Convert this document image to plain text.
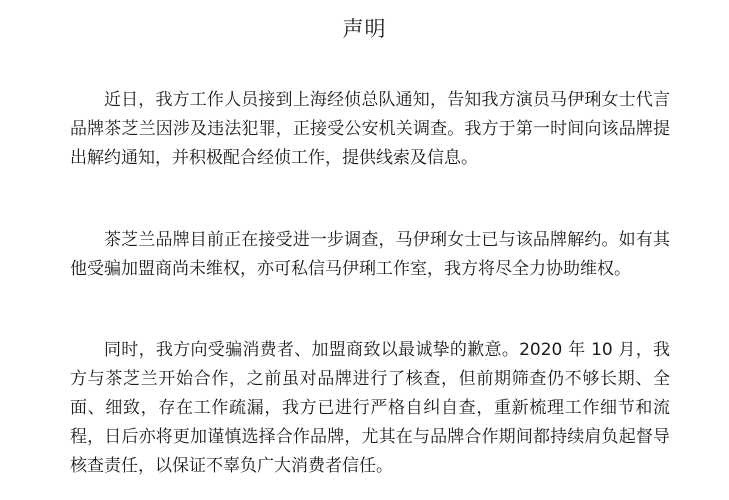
声明

近日，我方工作人员接到上海经侦总队通知，告知我方演员马伊琍女士代言品牌茶芝兰因涉及违法犯罪，正接受公安机关调查。我方于第一时间向该品牌提出解约通知，并积极配合经侦工作，提供线索及信息。

茶芝兰品牌目前正在接受进一步调查，马伊琍女士已与该品牌解约。如有其他受骗加盟商尚未维权，亦可私信马伊琍工作室，我方将尽全力协助维权。

同时，我方向受骗消费者、加盟商致以最诚挚的歉意。2020 年 10 月，我方与茶芝兰开始合作，之前虽对品牌进行了核查，但前期筛查仍不够长期、全面、细致，存在工作疏漏，我方已进行严格自纠自查，重新梳理工作细节和流程，日后亦将更加谨慎选择合作品牌，尤其在与品牌合作期间都持续肩负起督导核查责任，以保证不辜负广大消费者信任。
